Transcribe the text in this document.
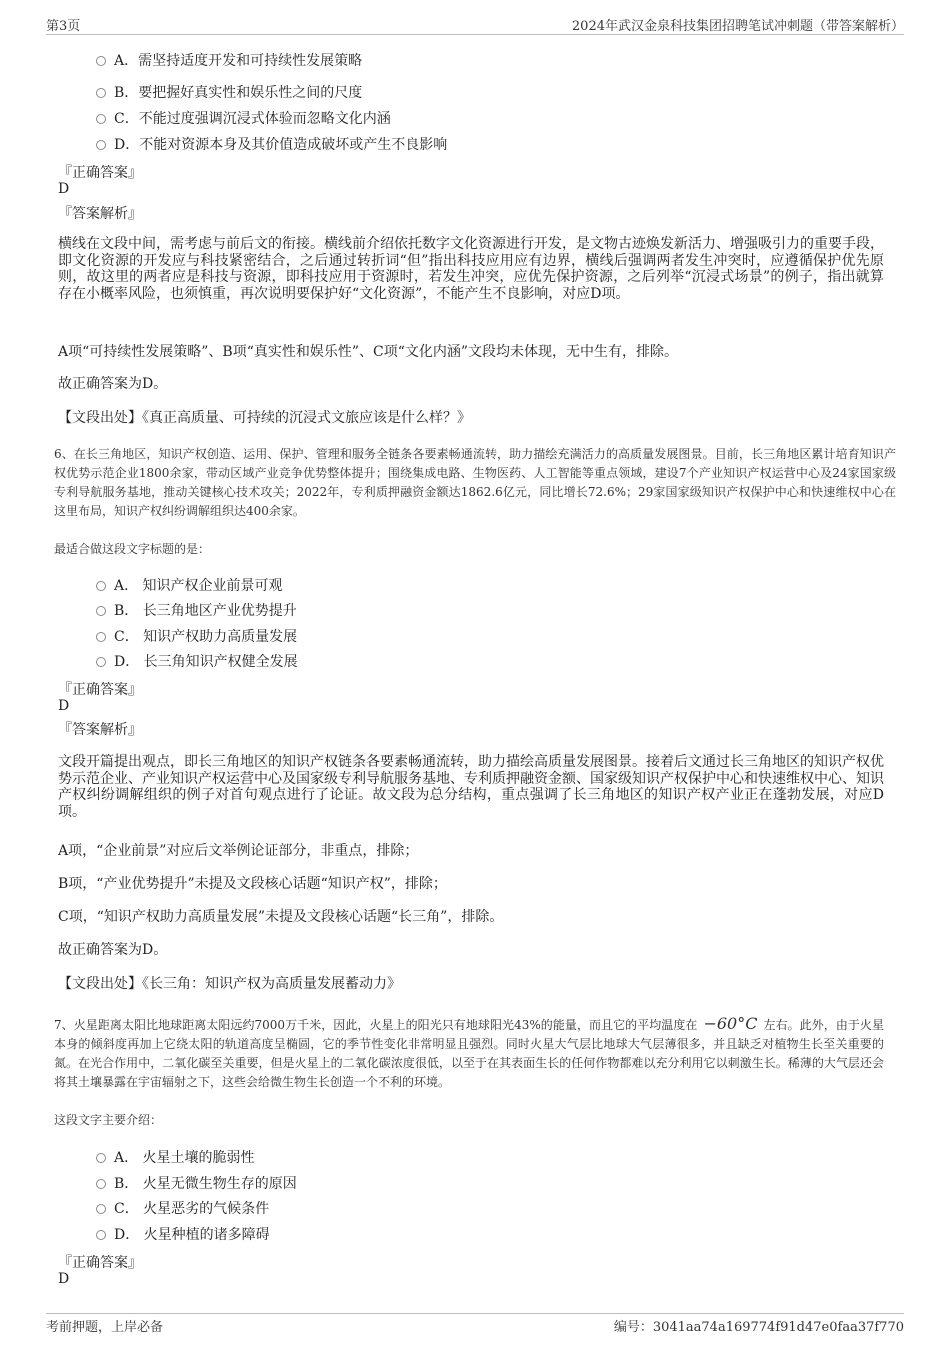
第3页	2024年武汉金泉科技集团招聘笔试冲刺题（带答案解析）
A．需坚持适度开发和可持续性发展策略
B．要把握好真实性和娱乐性之间的尺度
C．不能过度强调沉浸式体验而忽略文化内涵
D．不能对资源本身及其价值造成破坏或产生不良影响
『正确答案』
D
『答案解析』
横线在文段中间，需考虑与前后文的衔接。横线前介绍依托数字文化资源进行开发，是文物古迹焕发新活力、增强吸引力的重要手段，即文化资源的开发应与科技紧密结合，之后通过转折词“但”指出科技应用应有边界，横线后强调两者发生冲突时，应遵循保护优先原则，故这里的两者应是科技与资源，即科技应用于资源时，若发生冲突，应优先保护资源，之后列举“沉浸式场景”的例子，指出就算存在小概率风险，也须慎重，再次说明要保护好“文化资源”，不能产生不良影响，对应D项。
A项“可持续性发展策略”、B项“真实性和娱乐性”、C项“文化内涵”文段均未体现，无中生有，排除。
故正确答案为D。
【文段出处】《真正高质量、可持续的沉浸式文旅应该是什么样？》
6、在长三角地区，知识产权创造、运用、保护、管理和服务全链条各要素畅通流转，助力描绘充满活力的高质量发展图景。目前，长三角地区累计培育知识产权优势示范企业1800余家，带动区域产业竞争优势整体提升；围绕集成电路、生物医药、人工智能等重点领域，建设7个产业知识产权运营中心及24家国家级专利导航服务基地，推动关键核心技术攻关；2022年，专利质押融资金额达1862.6亿元，同比增长72.6%；29家国家级知识产权保护中心和快速维权中心在这里布局，知识产权纠纷调解组织达400余家。
最适合做这段文字标题的是：
A． 知识产权企业前景可观
B． 长三角地区产业优势提升
C． 知识产权助力高质量发展
D． 长三角知识产权健全发展
『正确答案』
D
『答案解析』
文段开篇提出观点，即长三角地区的知识产权链条各要素畅通流转，助力描绘高质量发展图景。接着后文通过长三角地区的知识产权优势示范企业、产业知识产权运营中心及国家级专利导航服务基地、专利质押融资金额、国家级知识产权保护中心和快速维权中心、知识产权纠纷调解组织的例子对首句观点进行了论证。故文段为总分结构，重点强调了长三角地区的知识产权产业正在蓬勃发展，对应D项。
A项，“企业前景”对应后文举例论证部分，非重点，排除；
B项，“产业优势提升”未提及文段核心话题“知识产权”，排除；
C项，“知识产权助力高质量发展”未提及文段核心话题“长三角”，排除。
故正确答案为D。
【文段出处】《长三角：知识产权为高质量发展蓄动力》
7、火星距离太阳比地球距离太阳远约7000万千米，因此，火星上的阳光只有地球阳光43%的能量，而且它的平均温度在 −60°C 左右。此外，由于火星本身的倾斜度再加上它绕太阳的轨道高度呈椭圆，它的季节性变化非常明显且强烈。同时火星大气层比地球大气层薄很多，并且缺乏对植物生长至关重要的氮。在光合作用中，二氧化碳至关重要，但是火星上的二氧化碳浓度很低，以至于在其表面生长的任何作物都难以充分利用它以刺激生长。稀薄的大气层还会将其土壤暴露在宇宙辐射之下，这些会给微生物生长创造一个不利的环境。
这段文字主要介绍：
A． 火星土壤的脆弱性
B． 火星无微生物生存的原因
C． 火星恶劣的气候条件
D． 火星种植的诸多障碍
『正确答案』
D
考前押题，上岸必备	编号：3041aa74a169774f91d47e0faa37f770
